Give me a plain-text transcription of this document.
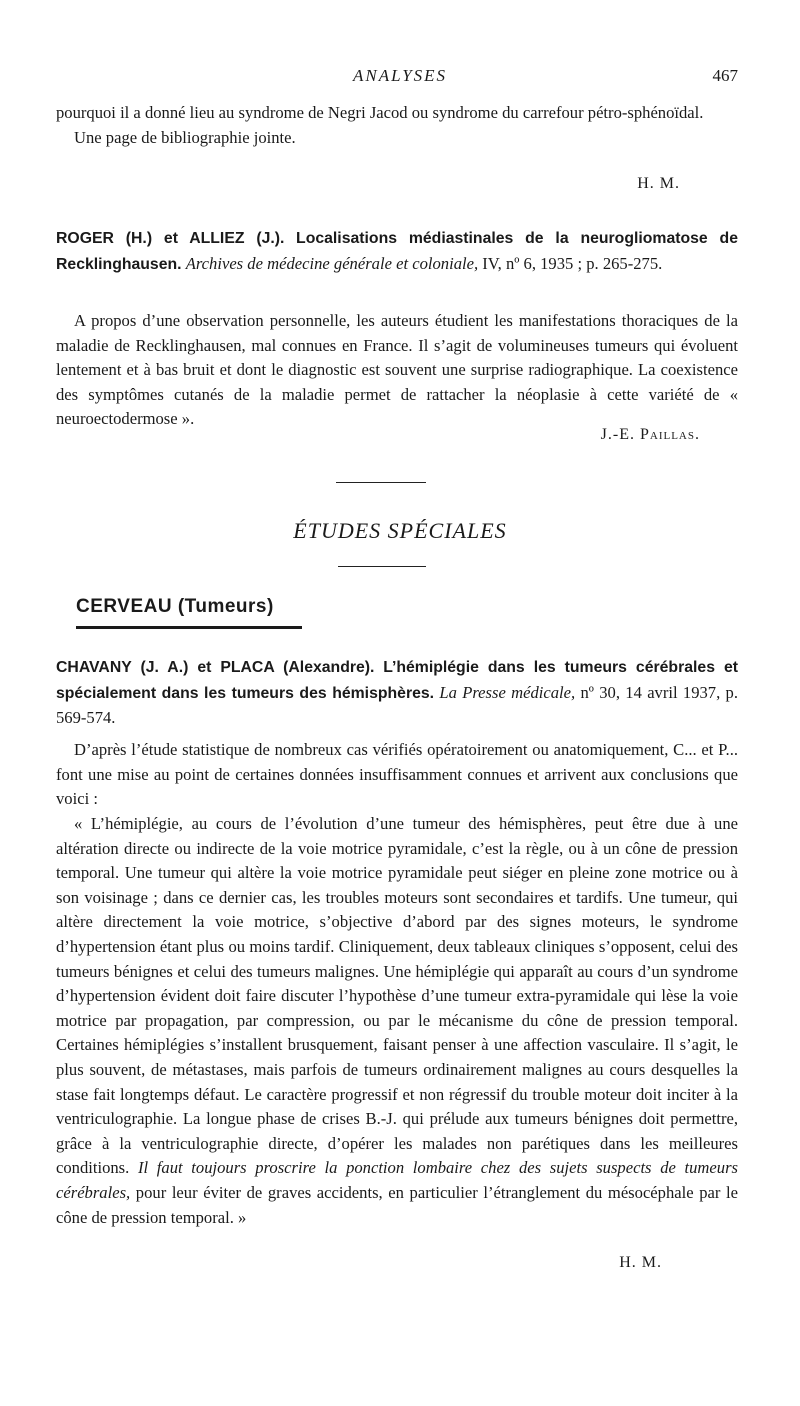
ANALYSES	467
pourquoi il a donné lieu au syndrome de Negri Jacod ou syndrome du carrefour pétro-sphénoïdal.
Une page de bibliographie jointe.
H. M.
ROGER (H.) et ALLIEZ (J.). Localisations médiastinales de la neurogliomatose de Recklinghausen. Archives de médecine générale et coloniale, IV, nº 6, 1935 ; p. 265-275.
A propos d’une observation personnelle, les auteurs étudient les manifestations thoraciques de la maladie de Recklinghausen, mal connues en France. Il s’agit de volumineuses tumeurs qui évoluent lentement et à bas bruit et dont le diagnostic est souvent une surprise radiographique. La coexistence des symptômes cutanés de la maladie permet de rattacher la néoplasie à cette variété de « neuroectodermose ».
J.-E. Paillas.
ÉTUDES SPÉCIALES
CERVEAU (Tumeurs)
CHAVANY (J. A.) et PLACA (Alexandre). L’hémiplégie dans les tumeurs cérébrales et spécialement dans les tumeurs des hémisphères. La Presse médicale, nº 30, 14 avril 1937, p. 569-574.
D’après l’étude statistique de nombreux cas vérifiés opératoirement ou anatomiquement, C... et P... font une mise au point de certaines données insuffisamment connues et arrivent aux conclusions que voici :
« L’hémiplégie, au cours de l’évolution d’une tumeur des hémisphères, peut être due à une altération directe ou indirecte de la voie motrice pyramidale, c’est la règle, ou à un cône de pression temporal. Une tumeur qui altère la voie motrice pyramidale peut siéger en pleine zone motrice ou à son voisinage ; dans ce dernier cas, les troubles moteurs sont secondaires et tardifs. Une tumeur, qui altère directement la voie motrice, s’objective d’abord par des signes moteurs, le syndrome d’hypertension étant plus ou moins tardif. Cliniquement, deux tableaux cliniques s’opposent, celui des tumeurs bénignes et celui des tumeurs malignes. Une hémiplégie qui apparaît au cours d’un syndrome d’hypertension évident doit faire discuter l’hypothèse d’une tumeur extra-pyramidale qui lèse la voie motrice par propagation, par compression, ou par le mécanisme du cône de pression temporal. Certaines hémiplégies s’installent brusquement, faisant penser à une affection vasculaire. Il s’agit, le plus souvent, de métastases, mais parfois de tumeurs ordinairement malignes au cours desquelles la stase fait longtemps défaut. Le caractère progressif et non régressif du trouble moteur doit inciter à la ventriculographie. La longue phase de crises B.-J. qui prélude aux tumeurs bénignes doit permettre, grâce à la ventriculographie directe, d’opérer les malades non parétiques dans les meilleures conditions. Il faut toujours proscrire la ponction lombaire chez des sujets suspects de tumeurs cérébrales, pour leur éviter de graves accidents, en particulier l’étranglement du mésocéphale par le cône de pression temporal. »
H. M.
